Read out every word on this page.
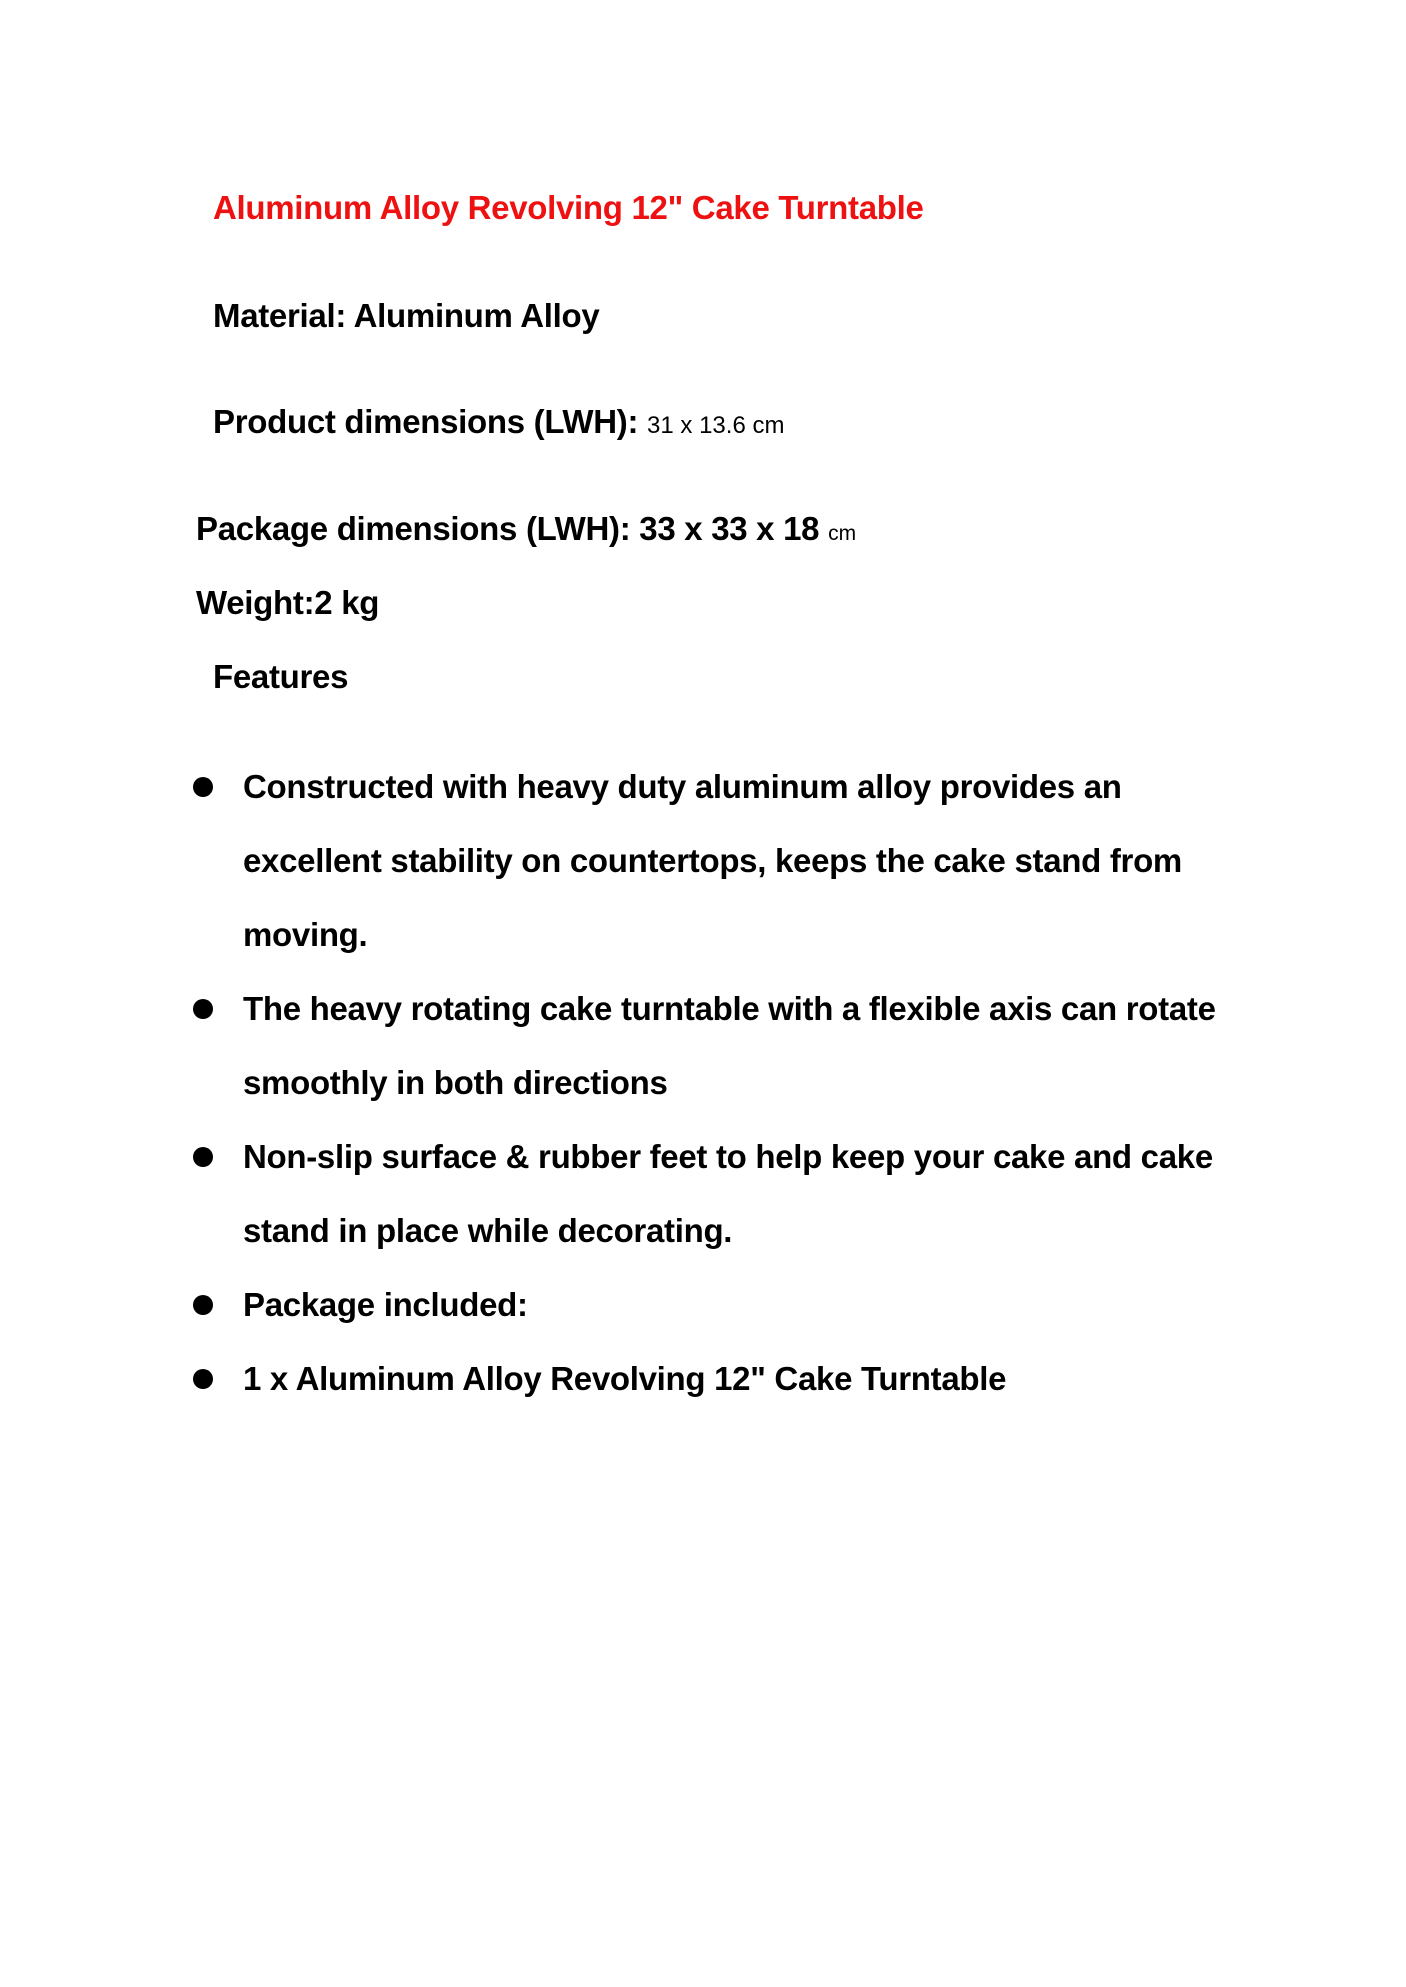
Aluminum Alloy Revolving 12" Cake Turntable
Material: Aluminum Alloy
Product dimensions (LWH): 31 x 13.6 cm
Package dimensions (LWH): 33 x 33 x 18 cm
Weight:2 kg
Features
Constructed with heavy duty aluminum alloy provides an excellent stability on countertops, keeps the cake stand from moving.
The heavy rotating cake turntable with a flexible axis can rotate smoothly in both directions
Non-slip surface & rubber feet to help keep your cake and cake stand in place while decorating.
Package included:
1 x Aluminum Alloy Revolving 12" Cake Turntable
